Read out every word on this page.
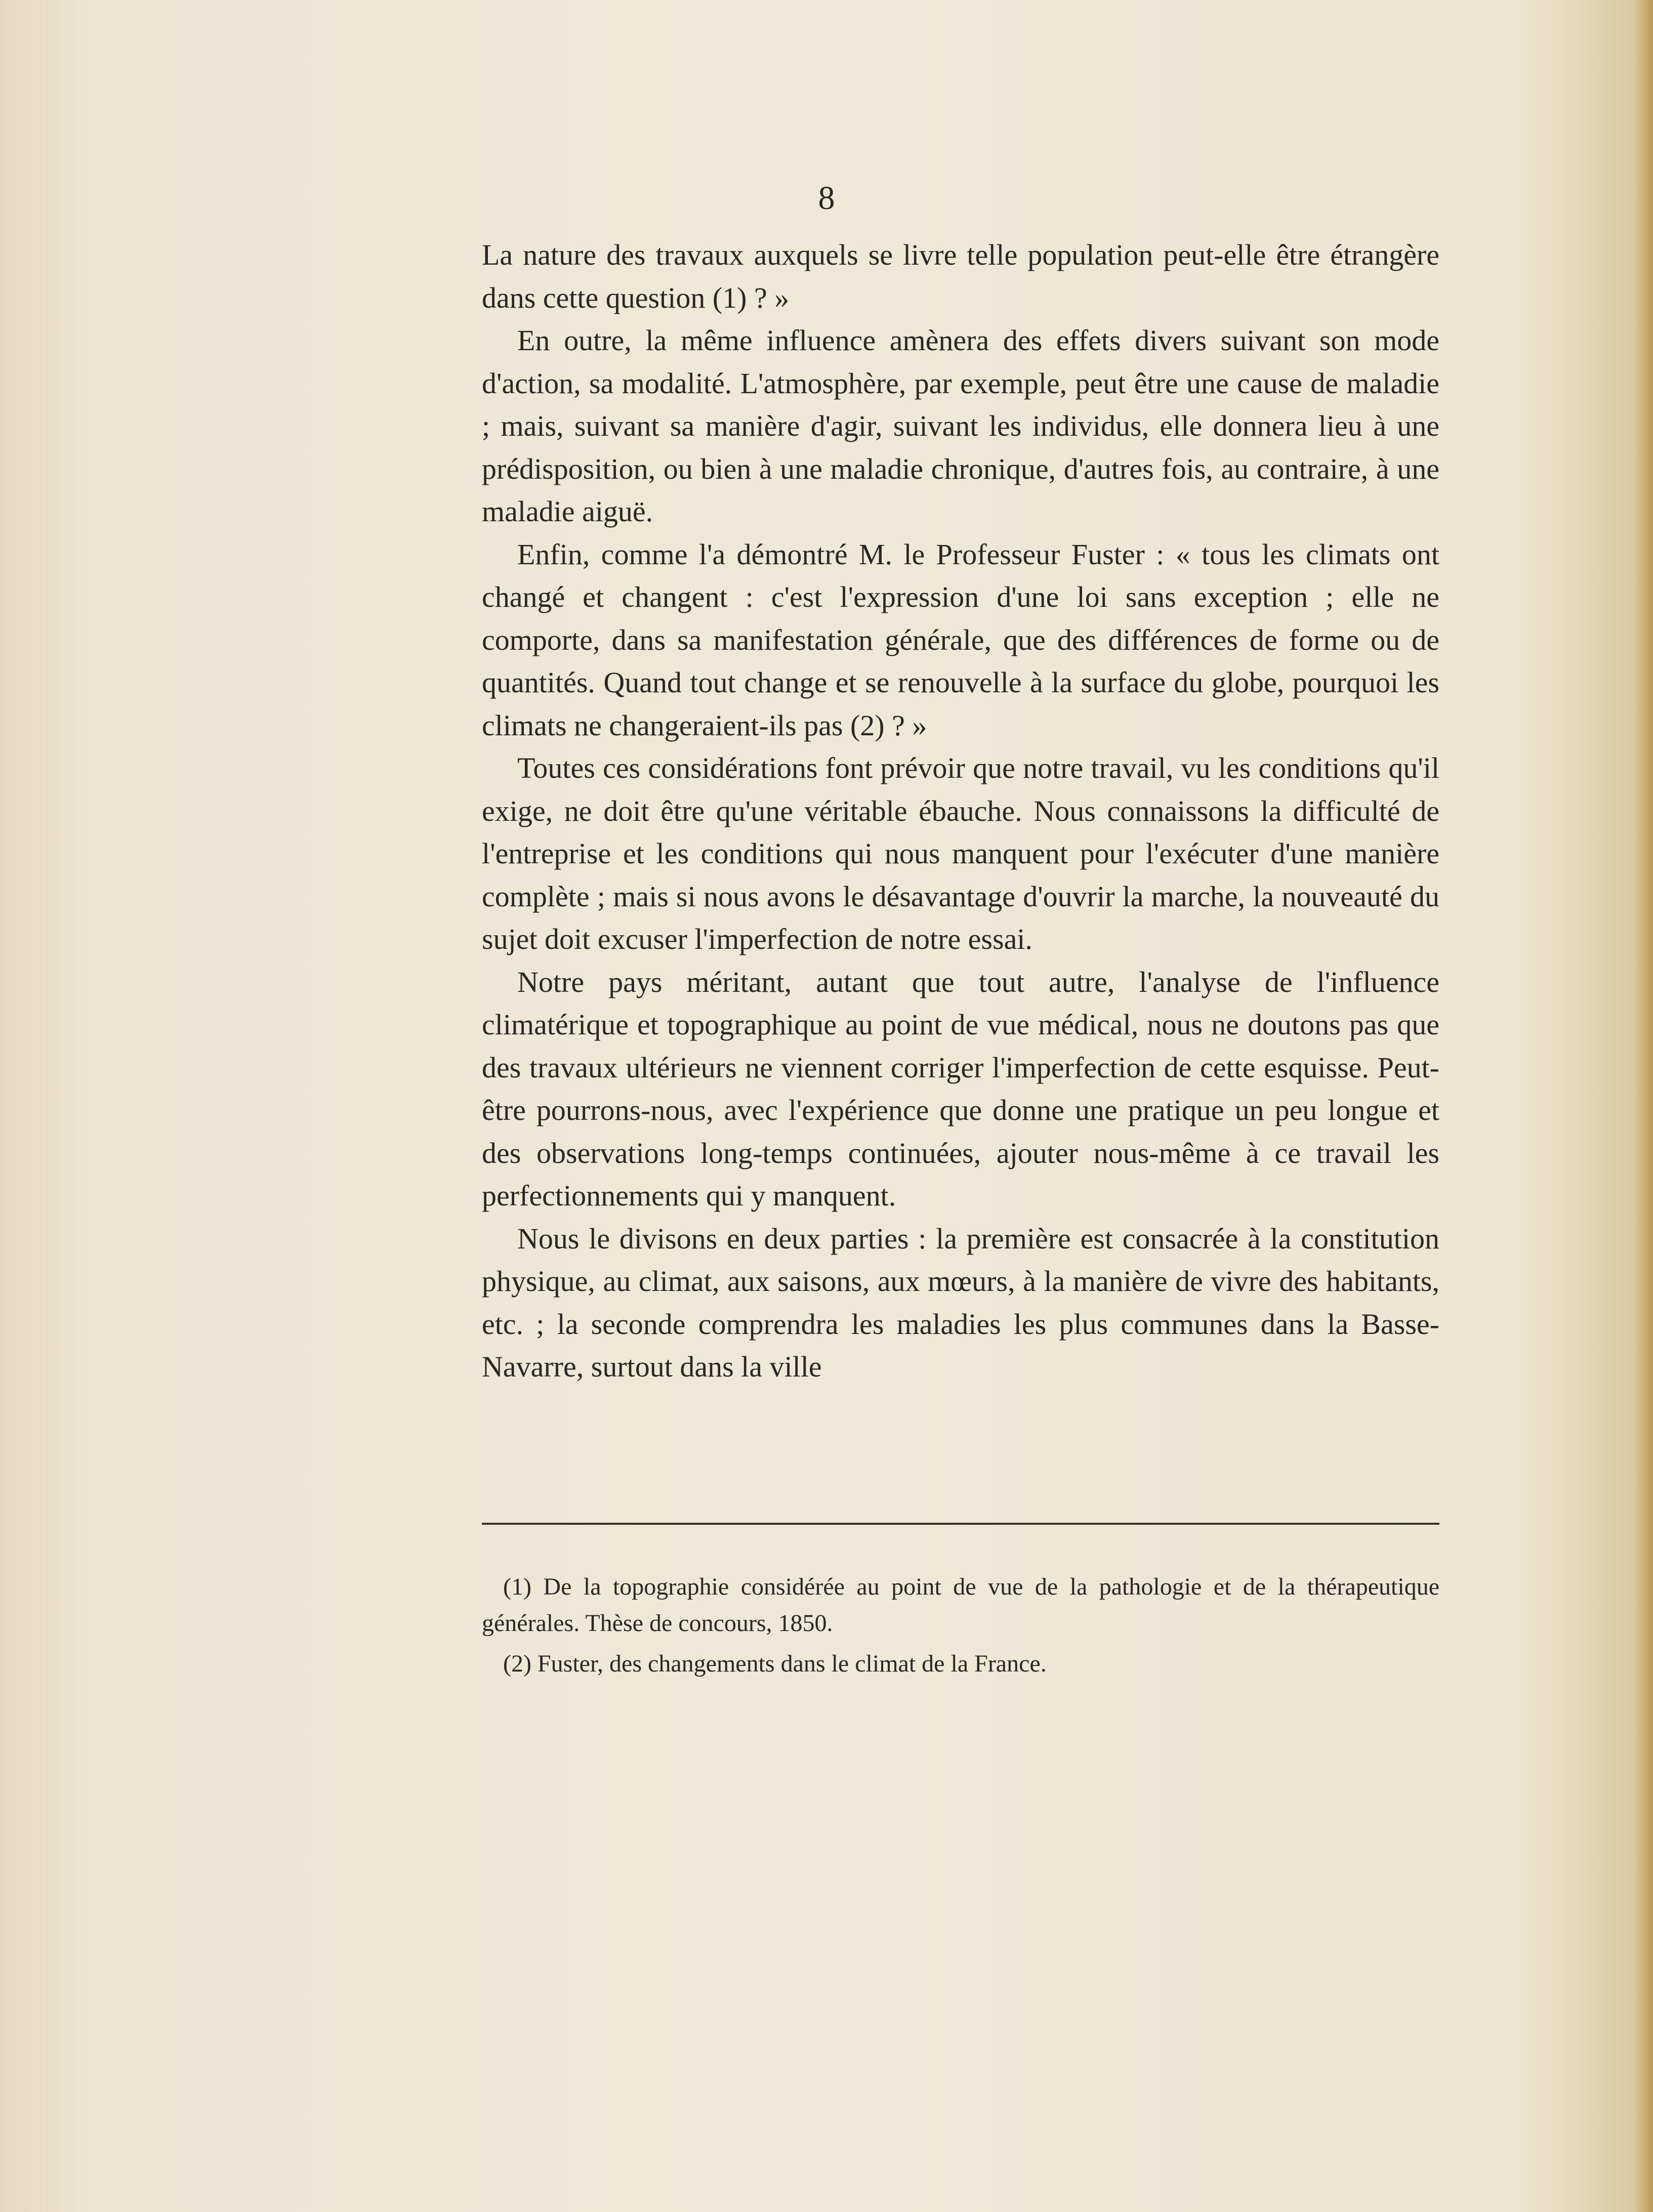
8

La nature des travaux auxquels se livre telle population peut-elle être étrangère dans cette question (1) ? »

En outre, la même influence amènera des effets divers suivant son mode d'action, sa modalité. L'atmosphère, par exemple, peut être une cause de maladie ; mais, suivant sa manière d'agir, suivant les individus, elle donnera lieu à une prédisposition, ou bien à une maladie chronique, d'autres fois, au contraire, à une maladie aiguë.

Enfin, comme l'a démontré M. le Professeur Fuster : « tous les climats ont changé et changent : c'est l'expression d'une loi sans exception ; elle ne comporte, dans sa manifestation générale, que des différences de forme ou de quantités. Quand tout change et se renouvelle à la surface du globe, pourquoi les climats ne changeraient-ils pas (2) ? »

Toutes ces considérations font prévoir que notre travail, vu les conditions qu'il exige, ne doit être qu'une véritable ébauche. Nous connaissons la difficulté de l'entreprise et les conditions qui nous manquent pour l'exécuter d'une manière complète ; mais si nous avons le désavantage d'ouvrir la marche, la nouveauté du sujet doit excuser l'imperfection de notre essai.

Notre pays méritant, autant que tout autre, l'analyse de l'influence climatérique et topographique au point de vue médical, nous ne doutons pas que des travaux ultérieurs ne viennent corriger l'imperfection de cette esquisse. Peut-être pourrons-nous, avec l'expérience que donne une pratique un peu longue et des observations long-temps continuées, ajouter nous-même à ce travail les perfectionnements qui y manquent.

Nous le divisons en deux parties : la première est consacrée à la constitution physique, au climat, aux saisons, aux mœurs, à la manière de vivre des habitants, etc. ; la seconde comprendra les maladies les plus communes dans la Basse-Navarre, surtout dans la ville

(1) De la topographie considérée au point de vue de la pathologie et de la thérapeutique générales. Thèse de concours, 1850.

(2) Fuster, des changements dans le climat de la France.
